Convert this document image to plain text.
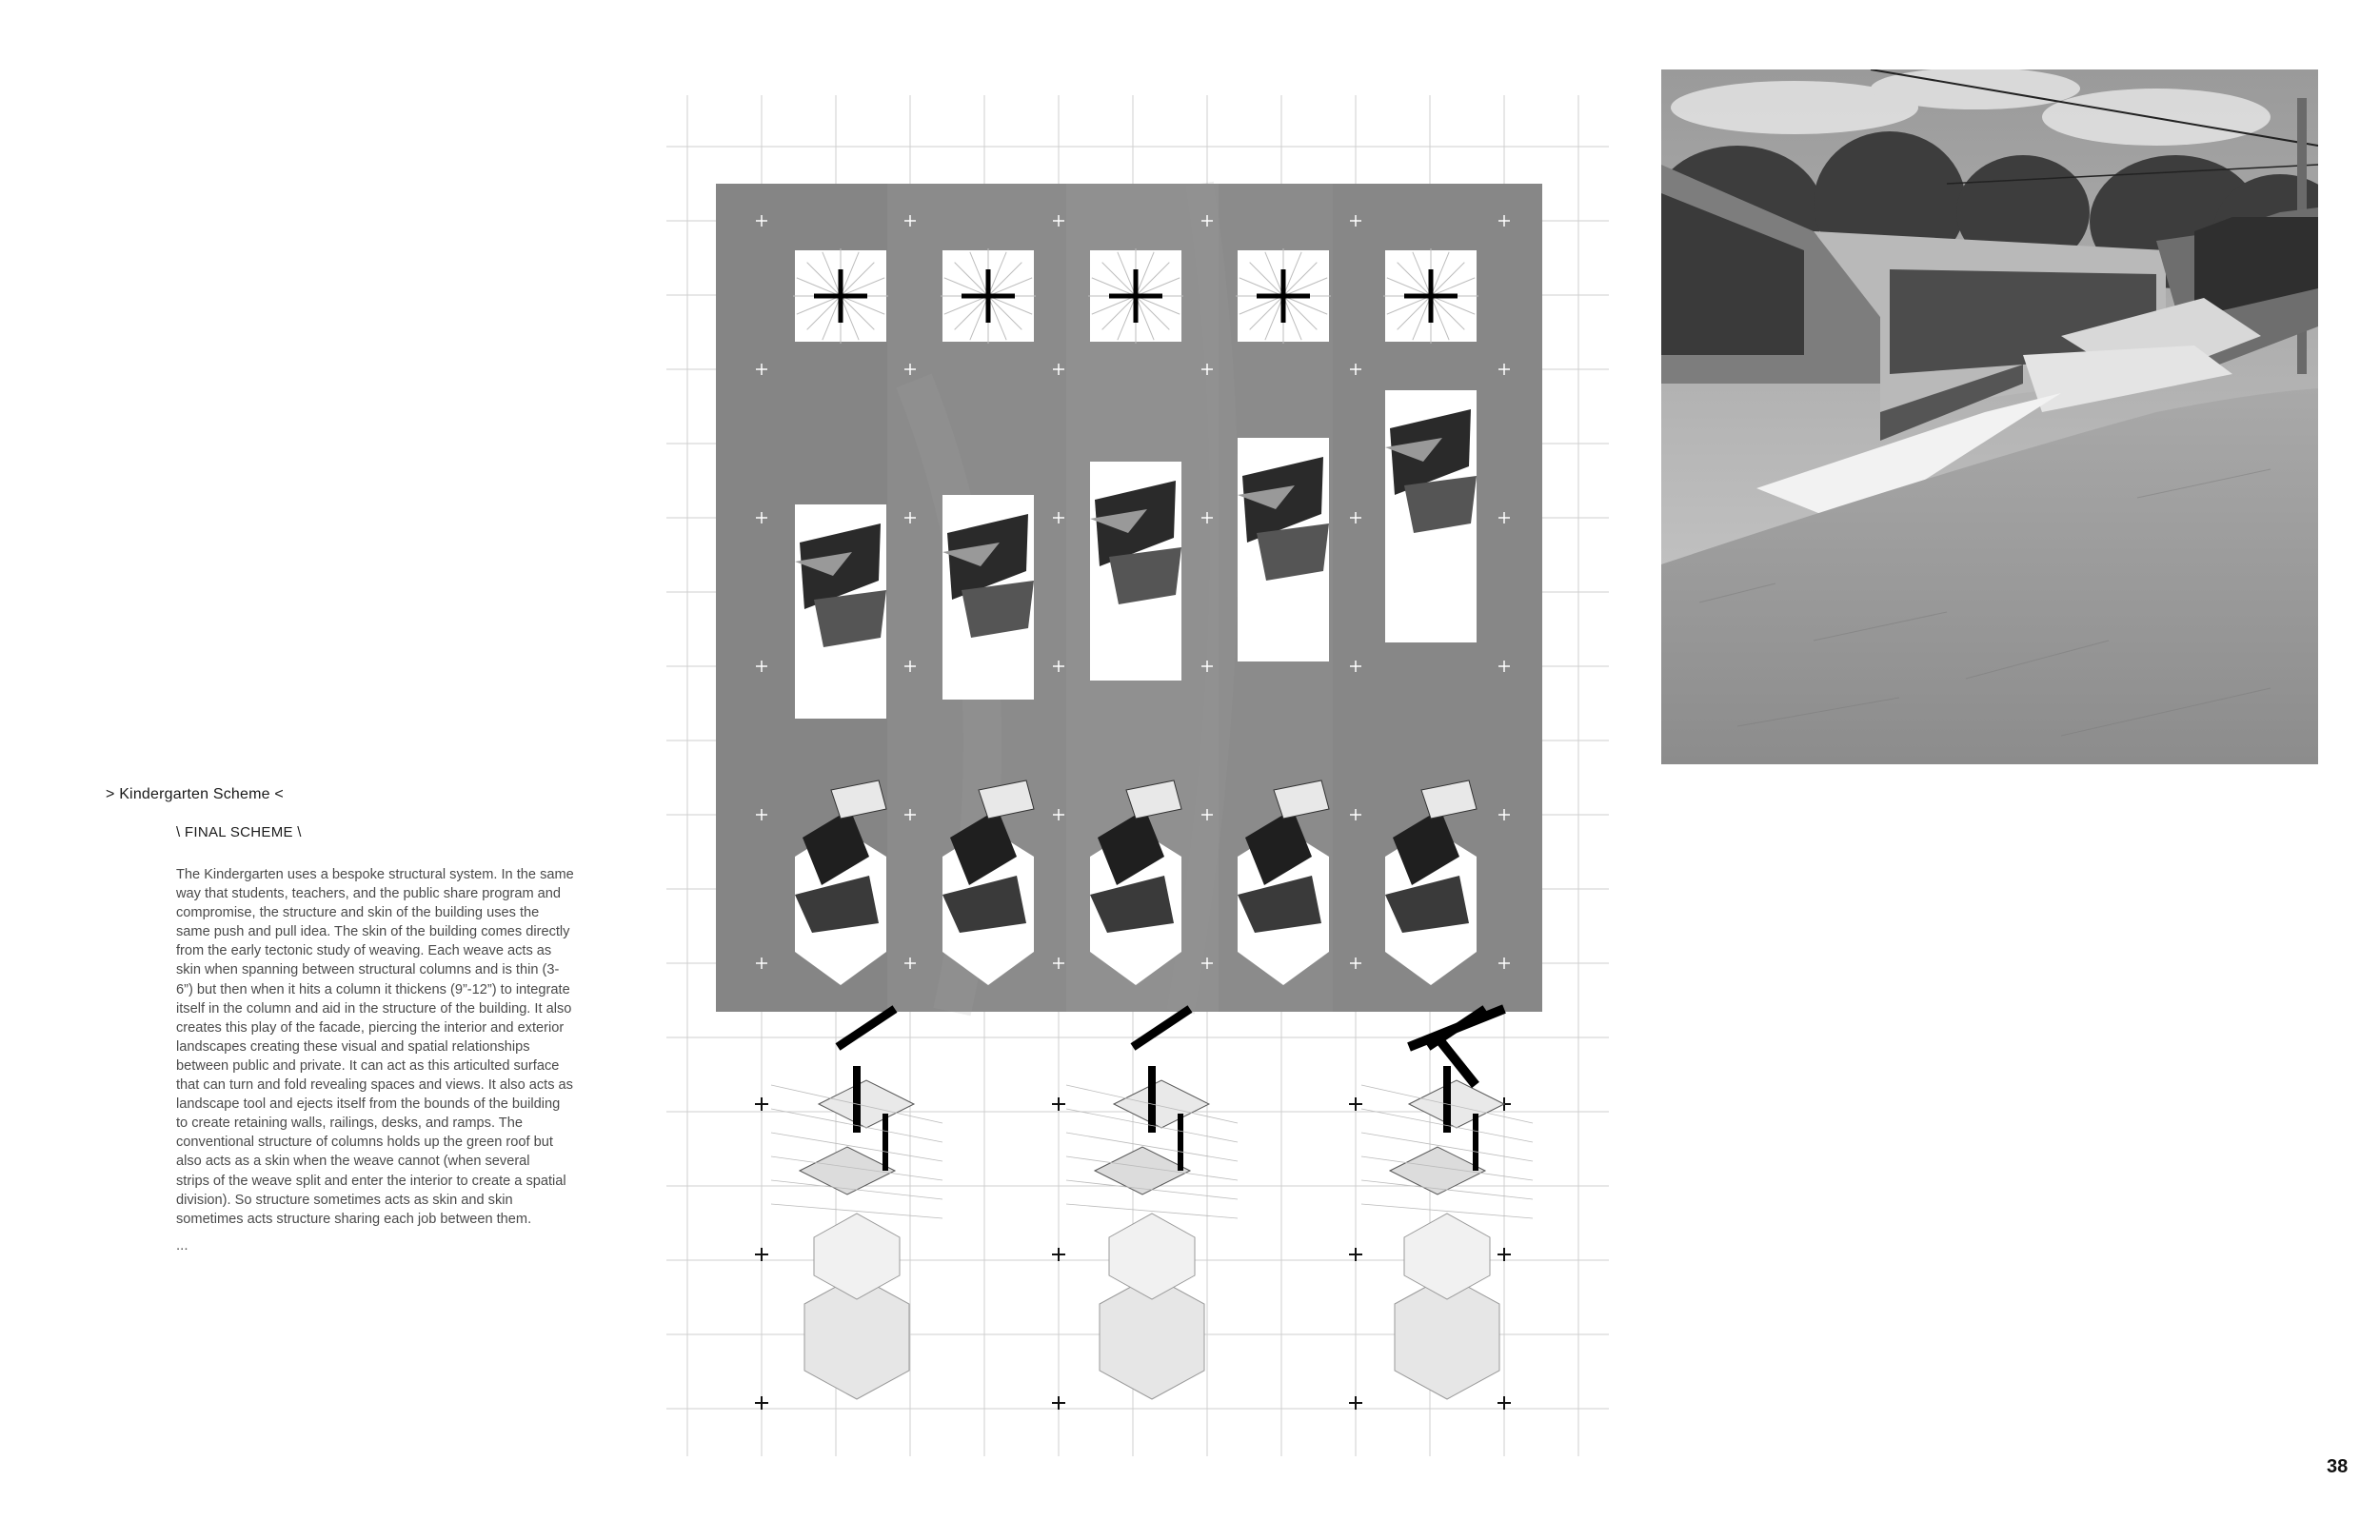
> Kindergarten Scheme <
\ FINAL SCHEME \
The Kindergarten uses a bespoke structural system. In the same
way that students, teachers, and the public share program and
compromise, the structure and skin of the building uses the
same push and pull idea. The skin of the building comes directly
from the early tectonic study of weaving. Each weave acts as
skin when spanning between structural columns and is thin (3-
6”) but then when it hits a column it thickens (9”-12”) to integrate
itself in the column and aid in the structure of the building. It also
creates this play of the facade, piercing the interior and exterior
landscapes creating these visual and spatial relationships
between public and private. It can act as this articulted surface
that can turn and fold revealing spaces and views. It also acts as
landscape tool and ejects itself from the bounds of the building
to create retaining walls, railings, desks, and ramps. The
conventional structure of columns holds up the green roof but
also acts as a skin when the weave cannot (when several
strips of the weave split and enter the interior to create a spatial
division). So structure sometimes acts as skin and skin
sometimes acts structure sharing each job between them.

...

38
